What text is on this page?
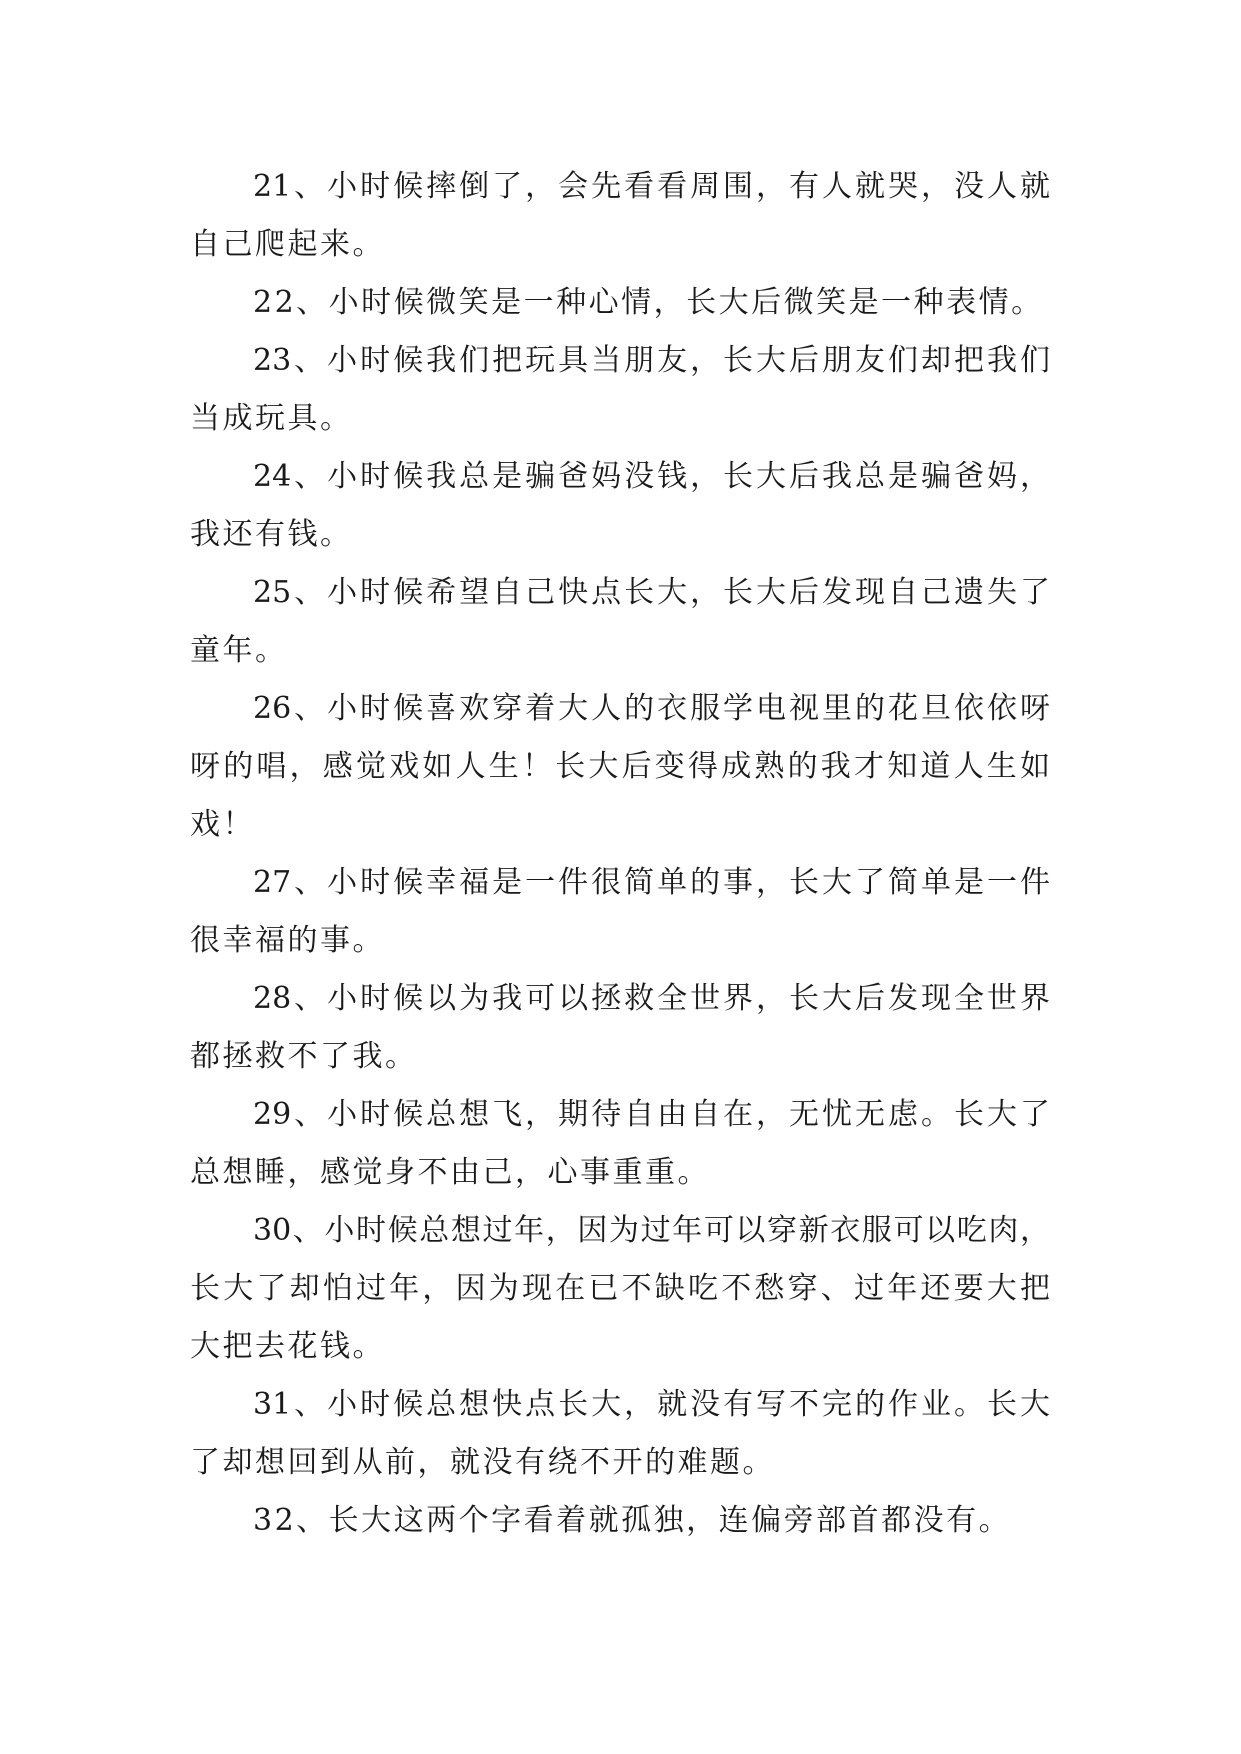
21、小时候摔倒了，会先看看周围，有人就哭，没人就
自己爬起来。
22、小时候微笑是一种心情，长大后微笑是一种表情。
23、小时候我们把玩具当朋友，长大后朋友们却把我们
当成玩具。
24、小时候我总是骗爸妈没钱，长大后我总是骗爸妈，
我还有钱。
25、小时候希望自己快点长大，长大后发现自己遗失了
童年。
26、小时候喜欢穿着大人的衣服学电视里的花旦依依呀
呀的唱，感觉戏如人生！长大后变得成熟的我才知道人生如
戏！
27、小时候幸福是一件很简单的事，长大了简单是一件
很幸福的事。
28、小时候以为我可以拯救全世界，长大后发现全世界
都拯救不了我。
29、小时候总想飞，期待自由自在，无忧无虑。长大了
总想睡，感觉身不由己，心事重重。
30、小时候总想过年，因为过年可以穿新衣服可以吃肉，
长大了却怕过年，因为现在已不缺吃不愁穿、过年还要大把
大把去花钱。
31、小时候总想快点长大，就没有写不完的作业。长大
了却想回到从前，就没有绕不开的难题。
32、长大这两个字看着就孤独，连偏旁部首都没有。
